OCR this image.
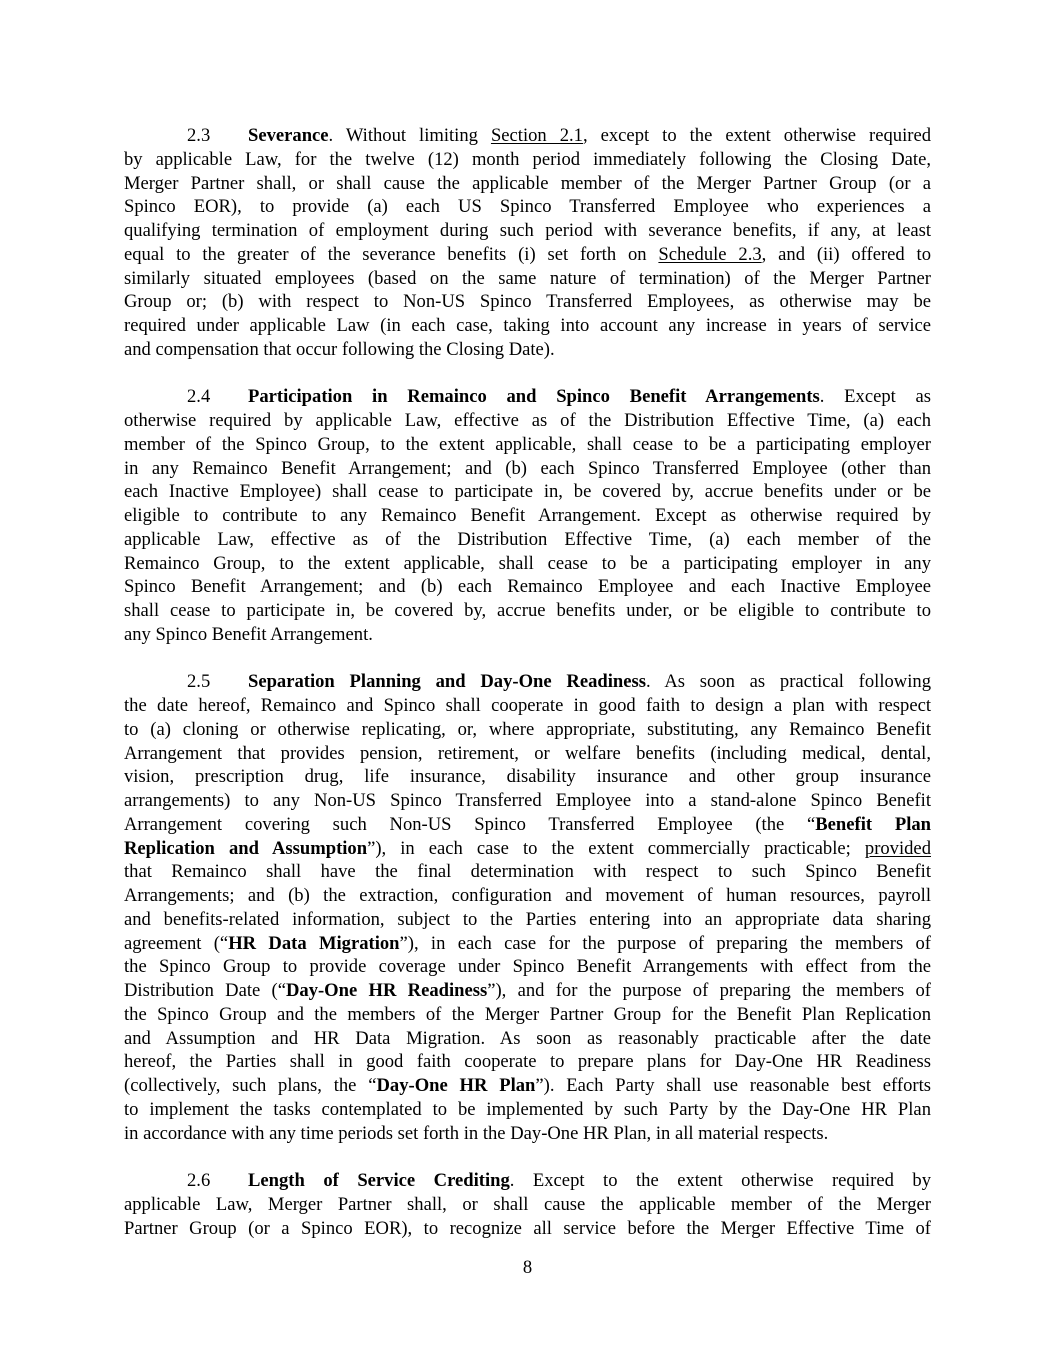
2.3 Severance. Without limiting Section 2.1, except to the extent otherwise required
by applicable Law, for the twelve (12) month period immediately following the Closing Date,
Merger Partner shall, or shall cause the applicable member of the Merger Partner Group (or a
Spinco EOR), to provide (a) each US Spinco Transferred Employee who experiences a
qualifying termination of employment during such period with severance benefits, if any, at least
equal to the greater of the severance benefits (i) set forth on Schedule 2.3, and (ii) offered to
similarly situated employees (based on the same nature of termination) of the Merger Partner
Group or; (b) with respect to Non-US Spinco Transferred Employees, as otherwise may be
required under applicable Law (in each case, taking into account any increase in years of service
and compensation that occur following the Closing Date).
2.4 Participation in Remainco and Spinco Benefit Arrangements. Except as
otherwise required by applicable Law, effective as of the Distribution Effective Time, (a) each
member of the Spinco Group, to the extent applicable, shall cease to be a participating employer
in any Remainco Benefit Arrangement; and (b) each Spinco Transferred Employee (other than
each Inactive Employee) shall cease to participate in, be covered by, accrue benefits under or be
eligible to contribute to any Remainco Benefit Arrangement. Except as otherwise required by
applicable Law, effective as of the Distribution Effective Time, (a) each member of the
Remainco Group, to the extent applicable, shall cease to be a participating employer in any
Spinco Benefit Arrangement; and (b) each Remainco Employee and each Inactive Employee
shall cease to participate in, be covered by, accrue benefits under, or be eligible to contribute to
any Spinco Benefit Arrangement.
2.5 Separation Planning and Day-One Readiness. As soon as practical following
the date hereof, Remainco and Spinco shall cooperate in good faith to design a plan with respect
to (a) cloning or otherwise replicating, or, where appropriate, substituting, any Remainco Benefit
Arrangement that provides pension, retirement, or welfare benefits (including medical, dental,
vision, prescription drug, life insurance, disability insurance and other group insurance
arrangements) to any Non-US Spinco Transferred Employee into a stand-alone Spinco Benefit
Arrangement covering such Non-US Spinco Transferred Employee (the “Benefit Plan
Replication and Assumption”), in each case to the extent commercially practicable; provided
that Remainco shall have the final determination with respect to such Spinco Benefit
Arrangements; and (b) the extraction, configuration and movement of human resources, payroll
and benefits-related information, subject to the Parties entering into an appropriate data sharing
agreement (“HR Data Migration”), in each case for the purpose of preparing the members of
the Spinco Group to provide coverage under Spinco Benefit Arrangements with effect from the
Distribution Date (“Day-One HR Readiness”), and for the purpose of preparing the members of
the Spinco Group and the members of the Merger Partner Group for the Benefit Plan Replication
and Assumption and HR Data Migration. As soon as reasonably practicable after the date
hereof, the Parties shall in good faith cooperate to prepare plans for Day-One HR Readiness
(collectively, such plans, the “Day-One HR Plan”). Each Party shall use reasonable best efforts
to implement the tasks contemplated to be implemented by such Party by the Day-One HR Plan
in accordance with any time periods set forth in the Day-One HR Plan, in all material respects.
2.6 Length of Service Crediting. Except to the extent otherwise required by
applicable Law, Merger Partner shall, or shall cause the applicable member of the Merger
Partner Group (or a Spinco EOR), to recognize all service before the Merger Effective Time of
8
